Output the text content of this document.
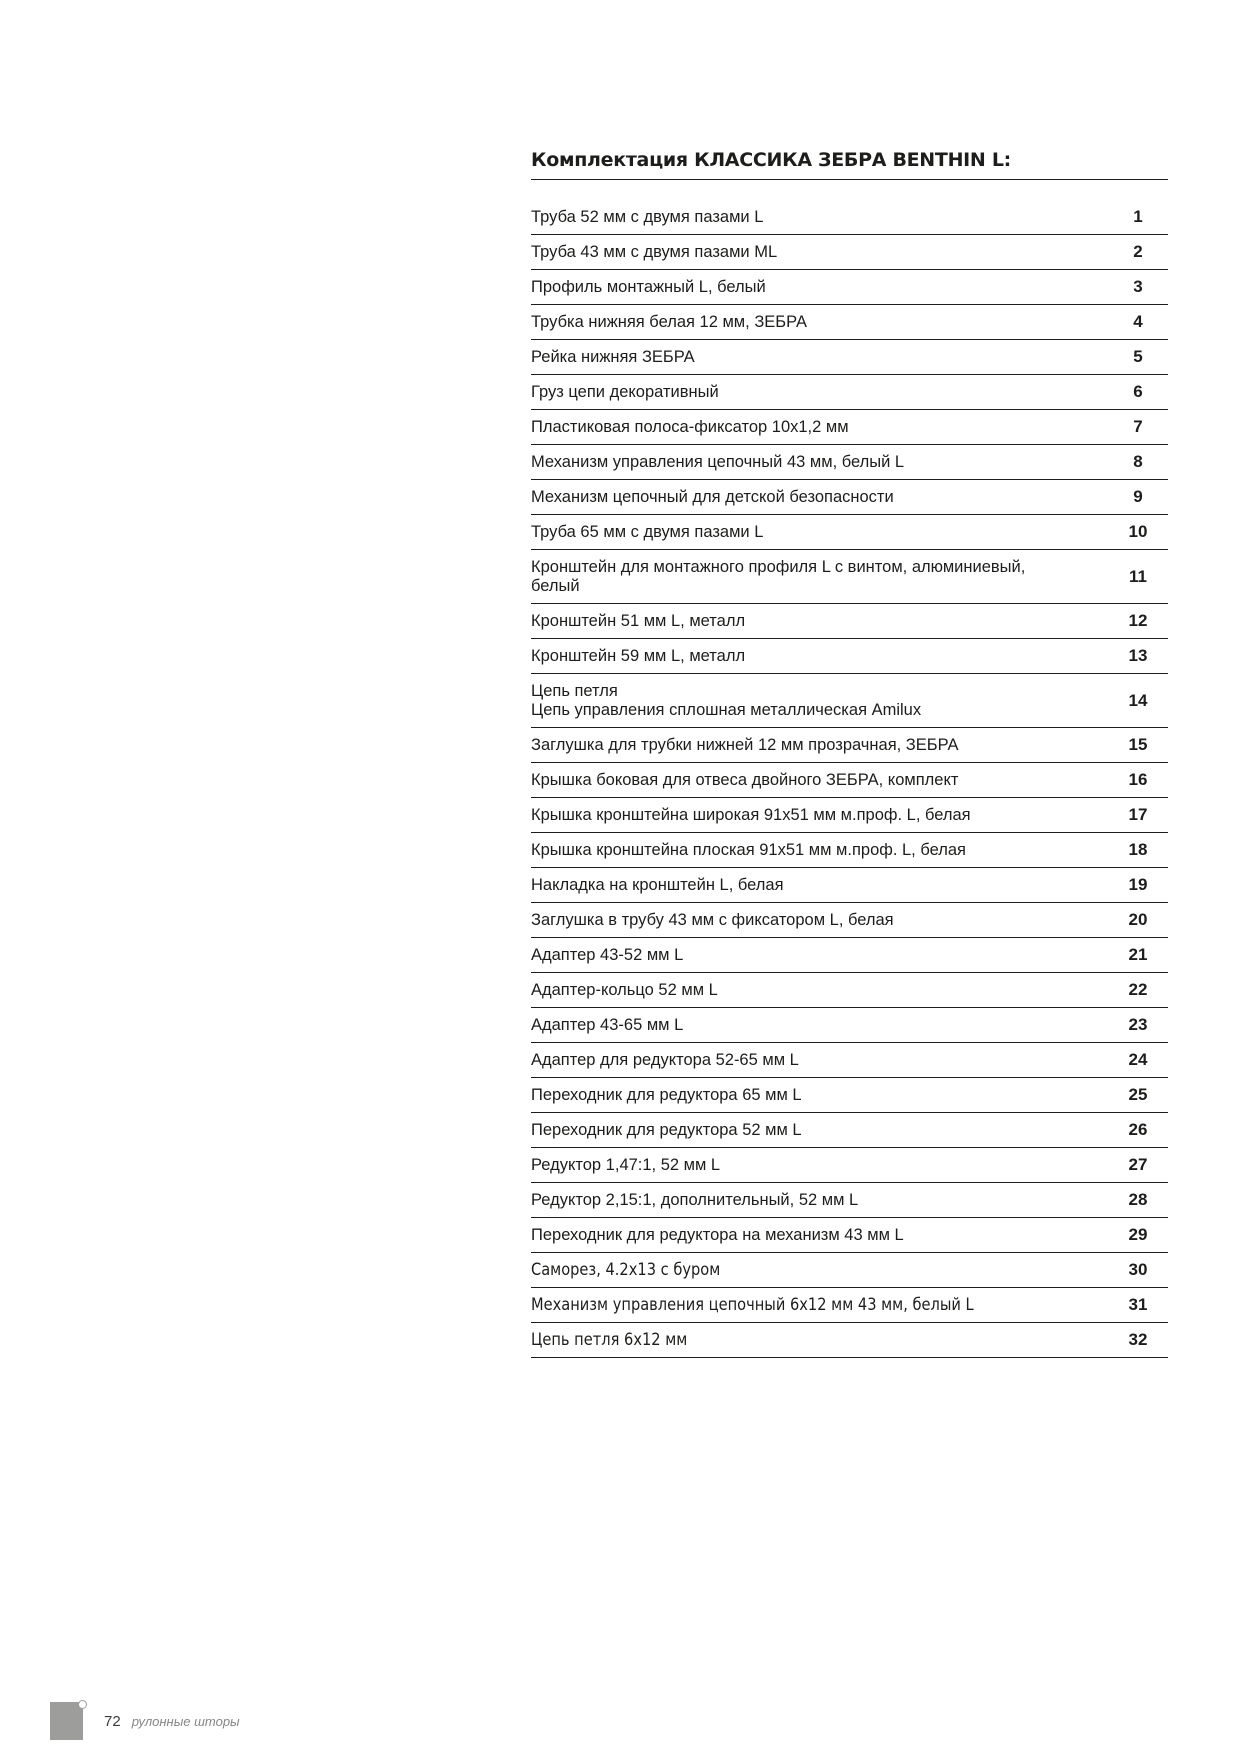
Комплектация КЛАССИКА ЗЕБРА BENTHIN L:
Труба 52 мм с двумя пазами L	1
Труба 43 мм с двумя пазами ML	2
Профиль монтажный L, белый	3
Трубка нижняя белая 12 мм, ЗЕБРА	4
Рейка нижняя ЗЕБРА	5
Груз цепи декоративный	6
Пластиковая полоса-фиксатор 10х1,2 мм	7
Механизм управления цепочный 43 мм, белый L	8
Механизм цепочный для детской безопасности	9
Труба 65 мм с двумя пазами L	10
Кронштейн для монтажного профиля L с винтом, алюминиевый,
белый	11
Кронштейн 51 мм L, металл	12
Кронштейн 59 мм L, металл	13
Цепь петля
Цепь управления сплошная металлическая Amilux	14
Заглушка для трубки нижней 12 мм прозрачная, ЗЕБРА	15
Крышка боковая для отвеса двойного ЗЕБРА, комплект	16
Крышка кронштейна широкая 91х51 мм м.проф. L, белая	17
Крышка кронштейна плоская 91х51 мм м.проф. L, белая	18
Накладка на кронштейн L, белая	19
Заглушка в трубу 43 мм с фиксатором L, белая	20
Адаптер 43-52 мм L	21
Адаптер-кольцо 52 мм L	22
Адаптер 43-65 мм L	23
Адаптер для редуктора 52-65 мм L	24
Переходник для редуктора 65 мм L	25
Переходник для редуктора 52 мм L	26
Редуктор 1,47:1, 52 мм L	27
Редуктор 2,15:1, дополнительный, 52 мм L	28
Переходник для редуктора на механизм 43 мм L	29
Саморез, 4.2х13 с буром	30
Механизм управления цепочный 6х12 мм 43 мм, белый L	31
Цепь петля 6х12 мм	32
72 рулонные шторы
